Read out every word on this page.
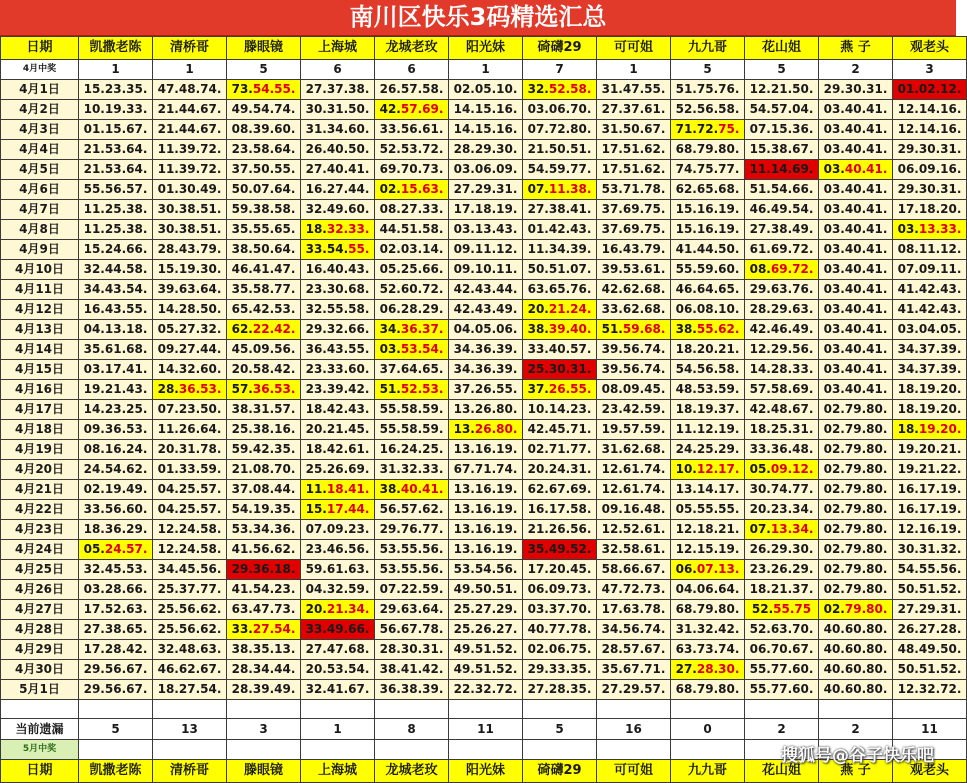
南川区快乐3码精选汇总
日期	凯撒老陈	清桥哥	滕眼镜	上海城	龙城老玫	阳光妹	碕礴29	可可姐	九九哥	花山姐	燕 子	观老头
4月中奖	1	1	5	6	6	1	7	1	5	5	2	3
4月1日	15.23.35.	47.48.74.	73.54.55.	27.37.38.	26.57.58.	02.05.10.	32.52.58.	31.47.55.	51.75.76.	12.21.50.	29.30.31.	01.02.12.
4月2日	10.19.33.	21.44.67.	49.54.74.	30.31.50.	42.57.69.	14.15.16.	03.06.70.	27.37.61.	52.56.58.	54.57.04.	03.40.41.	12.14.16.
4月3日	01.15.67.	21.44.67.	08.39.60.	31.34.60.	33.56.61.	14.15.16.	07.72.80.	31.50.67.	71.72.75.	07.15.36.	03.40.41.	12.14.16.
4月4日	21.53.64.	11.39.72.	23.58.64.	26.40.50.	52.53.72.	28.29.30.	21.50.51.	17.51.62.	68.79.80.	15.38.67.	03.40.41.	29.30.31.
4月5日	21.53.64.	11.39.72.	37.50.55.	27.40.41.	69.70.73.	03.06.09.	54.59.77.	17.51.62.	74.75.77.	11.14.69.	03.40.41.	06.09.16.
4月6日	55.56.57.	01.30.49.	50.07.64.	16.27.44.	02.15.63.	27.29.31.	07.11.38.	53.71.78.	62.65.68.	51.54.66.	03.40.41.	29.30.31.
4月7日	11.25.38.	30.38.51.	59.38.58.	32.49.60.	08.27.33.	17.18.19.	27.38.41.	37.69.75.	15.16.19.	46.49.54.	03.40.41.	17.18.20.
4月8日	11.25.38.	30.38.51.	35.55.65.	18.32.33.	44.51.58.	03.13.43.	01.42.43.	37.69.75.	15.16.19.	27.38.49.	03.40.41.	03.13.33.
4月9日	15.24.66.	28.43.79.	38.50.64.	33.54.55.	02.03.14.	09.11.12.	11.34.39.	16.43.79.	41.44.50.	61.69.72.	03.40.41.	08.11.12.
4月10日	32.44.58.	15.19.30.	46.41.47.	16.40.43.	05.25.66.	09.10.11.	50.51.07.	39.53.61.	55.59.60.	08.69.72.	03.40.41.	07.09.11.
4月11日	34.43.54.	39.63.64.	35.58.77.	23.30.68.	52.60.72.	42.43.44.	63.65.76.	42.62.68.	46.64.65.	29.63.76.	03.40.41.	41.42.43.
4月12日	16.43.55.	14.28.50.	65.42.53.	32.55.58.	06.28.29.	42.43.49.	20.21.24.	33.62.68.	06.08.10.	28.29.63.	03.40.41.	41.42.43.
4月13日	04.13.18.	05.27.32.	62.22.42.	29.32.66.	34.36.37.	04.05.06.	38.39.40.	51.59.68.	38.55.62.	42.46.49.	03.40.41.	03.04.05.
4月14日	35.61.68.	09.27.44.	45.09.56.	36.43.55.	03.53.54.	34.36.39.	33.40.57.	39.56.74.	18.20.21.	12.29.56.	03.40.41.	34.37.39.
4月15日	03.17.41.	14.32.60.	20.58.42.	23.33.60.	37.64.65.	34.36.39.	25.30.31.	39.56.74.	54.56.58.	14.28.33.	03.40.41.	34.37.39.
4月16日	19.21.43.	28.36.53.	57.36.53.	23.39.42.	51.52.53.	37.26.55.	37.26.55.	08.09.45.	48.53.59.	57.58.69.	03.40.41.	18.19.20.
4月17日	14.23.25.	07.23.50.	38.31.57.	18.42.43.	55.58.59.	13.26.80.	10.14.23.	23.42.59.	18.19.37.	42.48.67.	02.79.80.	18.19.20.
4月18日	09.36.53.	11.26.64.	25.38.16.	20.21.45.	55.58.59.	13.26.80.	42.45.71.	19.57.59.	11.12.19.	18.25.31.	02.79.80.	18.19.20.
4月19日	08.16.24.	20.31.78.	59.42.35.	18.42.61.	16.24.25.	13.16.19.	02.71.77.	31.62.68.	24.25.29.	33.36.48.	02.79.80.	19.20.21.
4月20日	24.54.62.	01.33.59.	21.08.70.	25.26.69.	31.32.33.	67.71.74.	20.24.31.	12.61.74.	10.12.17.	05.09.12.	02.79.80.	19.21.22.
4月21日	02.19.49.	04.25.57.	37.08.44.	11.18.41.	38.40.41.	13.16.19.	62.67.69.	12.61.74.	13.14.17.	30.74.77.	02.79.80.	16.17.19.
4月22日	33.56.60.	04.25.57.	54.19.35.	15.17.44.	56.57.62.	13.16.19.	16.17.58.	09.16.48.	05.55.55.	20.23.34.	02.79.80.	16.17.19.
4月23日	18.36.29.	12.24.58.	53.34.36.	07.09.23.	29.76.77.	13.16.19.	21.26.56.	12.52.61.	12.18.21.	07.13.34.	02.79.80.	12.16.19.
4月24日	05.24.57.	12.24.58.	41.56.62.	23.46.56.	53.55.56.	13.16.19.	35.49.52.	32.58.61.	12.15.19.	26.29.30.	02.79.80.	30.31.32.
4月25日	32.45.53.	34.45.56.	29.36.18.	59.61.63.	53.55.56.	53.54.56.	17.20.45.	58.66.67.	06.07.13.	23.26.29.	02.79.80.	54.55.56.
4月26日	03.28.66.	25.37.77.	41.54.23.	04.32.59.	07.22.59.	49.50.51.	06.09.73.	47.72.73.	04.06.64.	18.21.37.	02.79.80.	50.51.52.
4月27日	17.52.63.	25.56.62.	63.47.73.	20.21.34.	29.63.64.	25.27.29.	03.37.70.	17.63.78.	68.79.80.	52.55.75	02.79.80.	27.29.31.
4月28日	27.38.65.	25.56.62.	33.27.54.	33.49.66.	56.67.78.	25.26.27.	40.77.78.	34.56.74.	31.32.42.	52.63.70.	40.60.80.	26.27.28.
4月29日	17.28.42.	32.48.63.	38.35.13.	27.47.68.	28.30.31.	49.51.52.	02.06.75.	28.57.67.	63.73.74.	06.70.67.	40.60.80.	48.49.50.
4月30日	29.56.67.	46.62.67.	28.34.44.	20.53.54.	38.41.42.	49.51.52.	29.33.35.	35.67.71.	27.28.30.	55.77.60.	40.60.80.	50.51.52.
5月1日	29.56.67.	18.27.54.	28.39.49.	32.41.67.	36.38.39.	22.32.72.	27.28.35.	27.29.57.	68.79.80.	55.77.60.	40.60.80.	12.32.72.

当前遗漏	5	13	3	1	8	11	5	16	0	2	2	11
5月中奖												
日期	凯撒老陈	清桥哥	滕眼镜	上海城	龙城老玫	阳光妹	碕礴29	可可姐	九九哥	花山姐	燕 子	观老头
搜狐号@谷子快乐吧
